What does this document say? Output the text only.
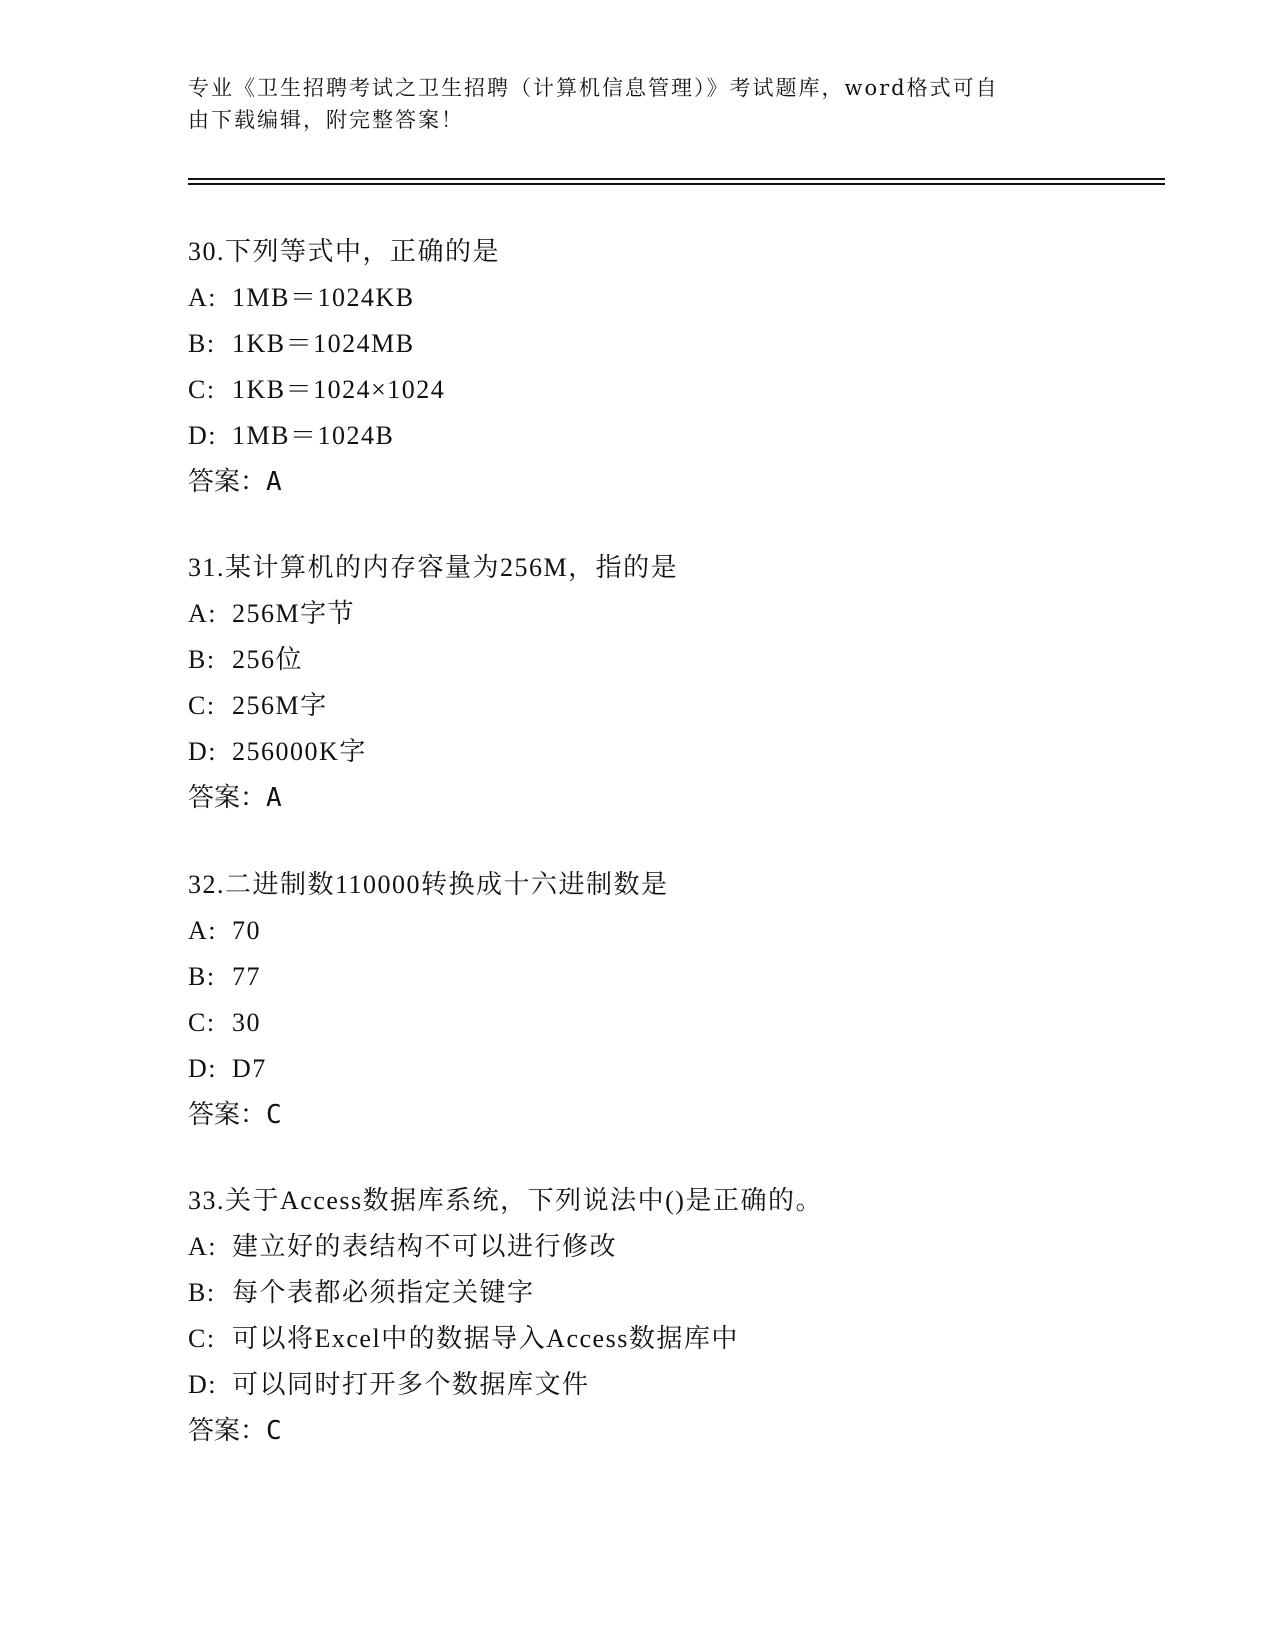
专业《卫生招聘考试之卫生招聘（计算机信息管理）》考试题库，word格式可自
由下载编辑，附完整答案！
30.下列等式中，正确的是
A: 1MB＝1024KB
B: 1KB＝1024MB
C: 1KB＝1024×1024
D: 1MB＝1024B
答案：A
31.某计算机的内存容量为256M，指的是
A: 256M字节
B: 256位
C: 256M字
D: 256000K字
答案：A
32.二进制数110000转换成十六进制数是
A: 70
B: 77
C: 30
D: D7
答案：C
33.关于Access数据库系统，下列说法中()是正确的。
A: 建立好的表结构不可以进行修改
B: 每个表都必须指定关键字
C: 可以将Excel中的数据导入Access数据库中
D: 可以同时打开多个数据库文件
答案：C
